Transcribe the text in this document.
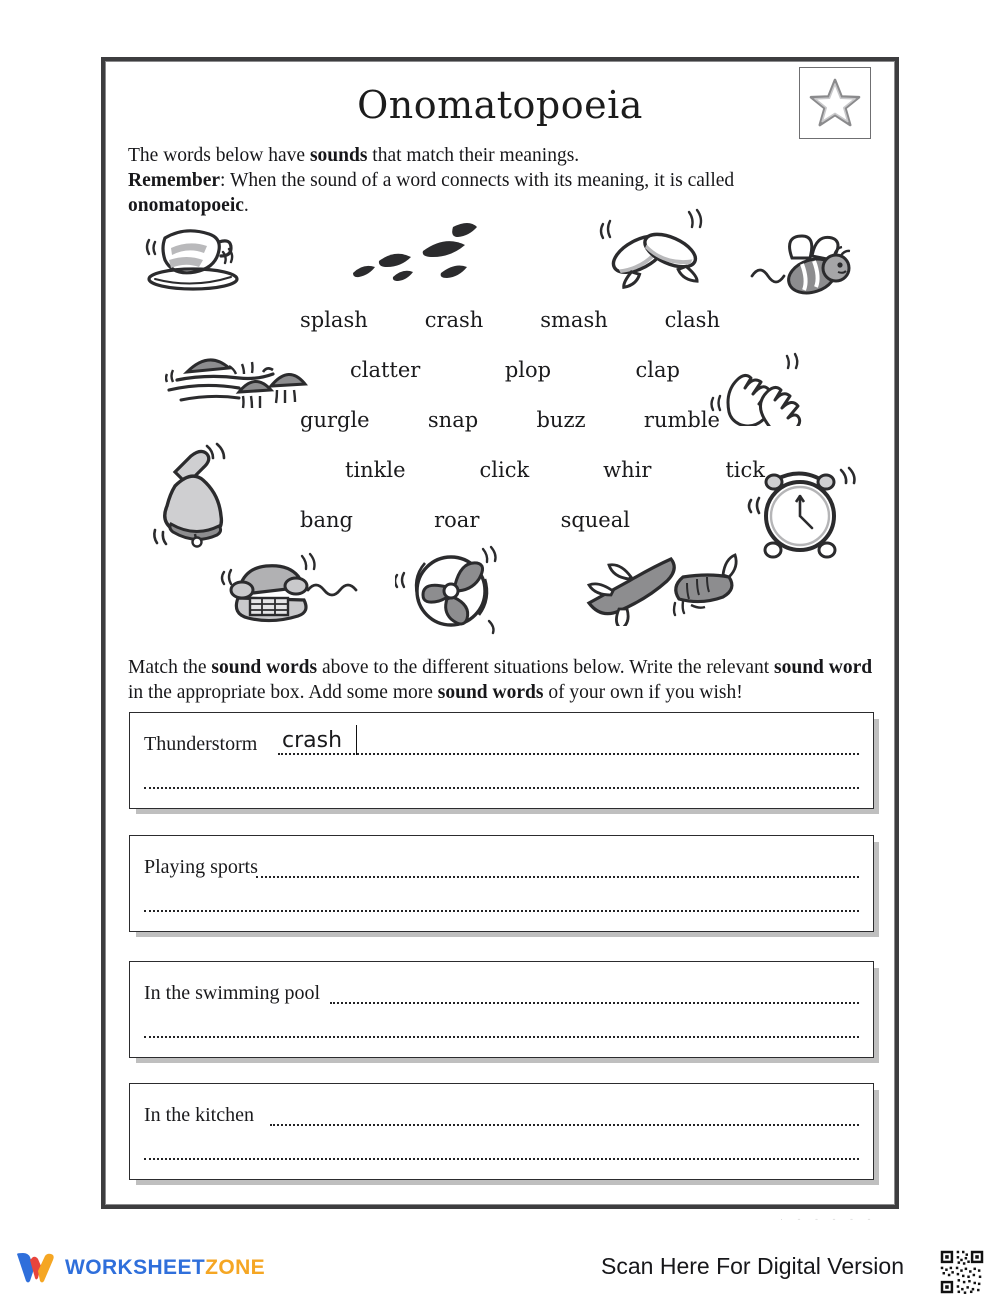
Onomatopoeia
The words below have sounds that match their meanings.
Remember: When the sound of a word connects with its meaning, it is called onomatopoeic.
splash	crash	smash	clash
clatter	plop	clap
gurgle	snap	buzz	rumble
tinkle	click	whir	tick
bang	roar	squeal
Match the sound words above to the different situations below. Write the relevant sound word in the appropriate box. Add some more sound words of your own if you wish!
Thunderstorm crash
Playing sports
In the swimming pool
In the kitchen
· - - - - -
WORKSHEETZONE	Scan Here For Digital Version
